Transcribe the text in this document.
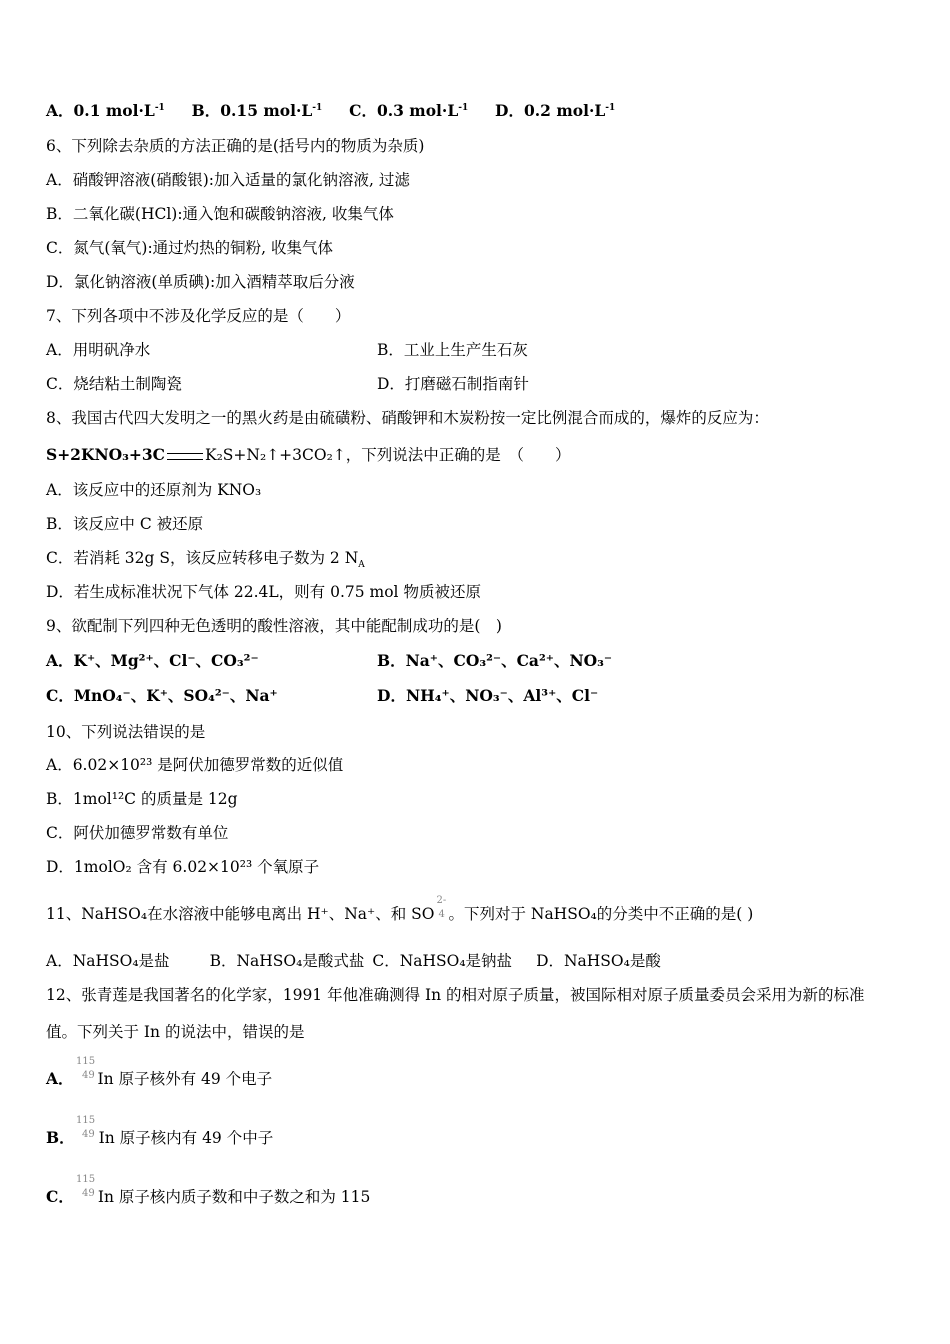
A．0.1 $mol\cdot L^{-1}$ B．0.15 $mol\cdot L^{-1}$ C．0.3 $mol\cdot L^{-1}$ D．0.2 $mol\cdot L^{-1}$
6、下列除去杂质的方法正确的是(括号内的物质为杂质)
A．硝酸钾溶液(硝酸银):加入适量的氯化钠溶液, 过滤
B．二氧化碳(HCl):通入饱和碳酸钠溶液, 收集气体
C．氮气(氧气):通过灼热的铜粉, 收集气体
D．氯化钠溶液(单质碘):加入酒精萃取后分液
7、下列各项中不涉及化学反应的是（　　）
A．用明矾净水	B．工业上生产生石灰
C．烧结粘土制陶瓷	D．打磨磁石制指南针
8、我国古代四大发明之一的黑火药是由硫磺粉、硝酸钾和木炭粉按一定比例混合而成的，爆炸的反应为：
S+2KNO₃+3C	K₂S+N₂↑+3CO₂↑，下列说法中正确的是　（　　）
A．该反应中的还原剂为 KNO₃
B．该反应中 C 被还原
C．若消耗 32g S，该反应转移电子数为 2 $N_A$
D．若生成标准状况下气体 22.4L，则有 0.75 mol 物质被还原
9、欲配制下列四种无色透明的酸性溶液，其中能配制成功的是(　)
A．K⁺、Mg²⁺、Cl⁻、CO₃²⁻	B．Na⁺、CO₃²⁻、Ca²⁺、NO₃⁻
C．MnO₄⁻、K⁺、SO₄²⁻、Na⁺	D．NH₄⁺、NO₃⁻、Al³⁺、Cl⁻
10、下列说法错误的是
A．6.02×10²³ 是阿伏加德罗常数的近似值
B．1mol¹²C 的质量是 12g
C．阿伏加德罗常数有单位
D．1molO₂ 含有 6.02×10²³ 个氧原子
11、NaHSO₄在水溶液中能够电离出 H⁺、Na⁺、和 SO
2-
4 。下列对于 NaHSO₄的分类中不正确的是( )
A．NaHSO₄是盐	B．NaHSO₄是酸式盐 C．NaHSO₄是钠盐 D．NaHSO₄是酸
12、张青莲是我国著名的化学家，1991 年他准确测得 In 的相对原子质量，被国际相对原子质量委员会采用为新的标准
值。下列关于 In 的说法中，错误的是
A． In 原子核外有 49 个电子
115
49
B． In 原子核内有 49 个中子
115
49
C． In 原子核内质子数和中子数之和为 115
115
49
